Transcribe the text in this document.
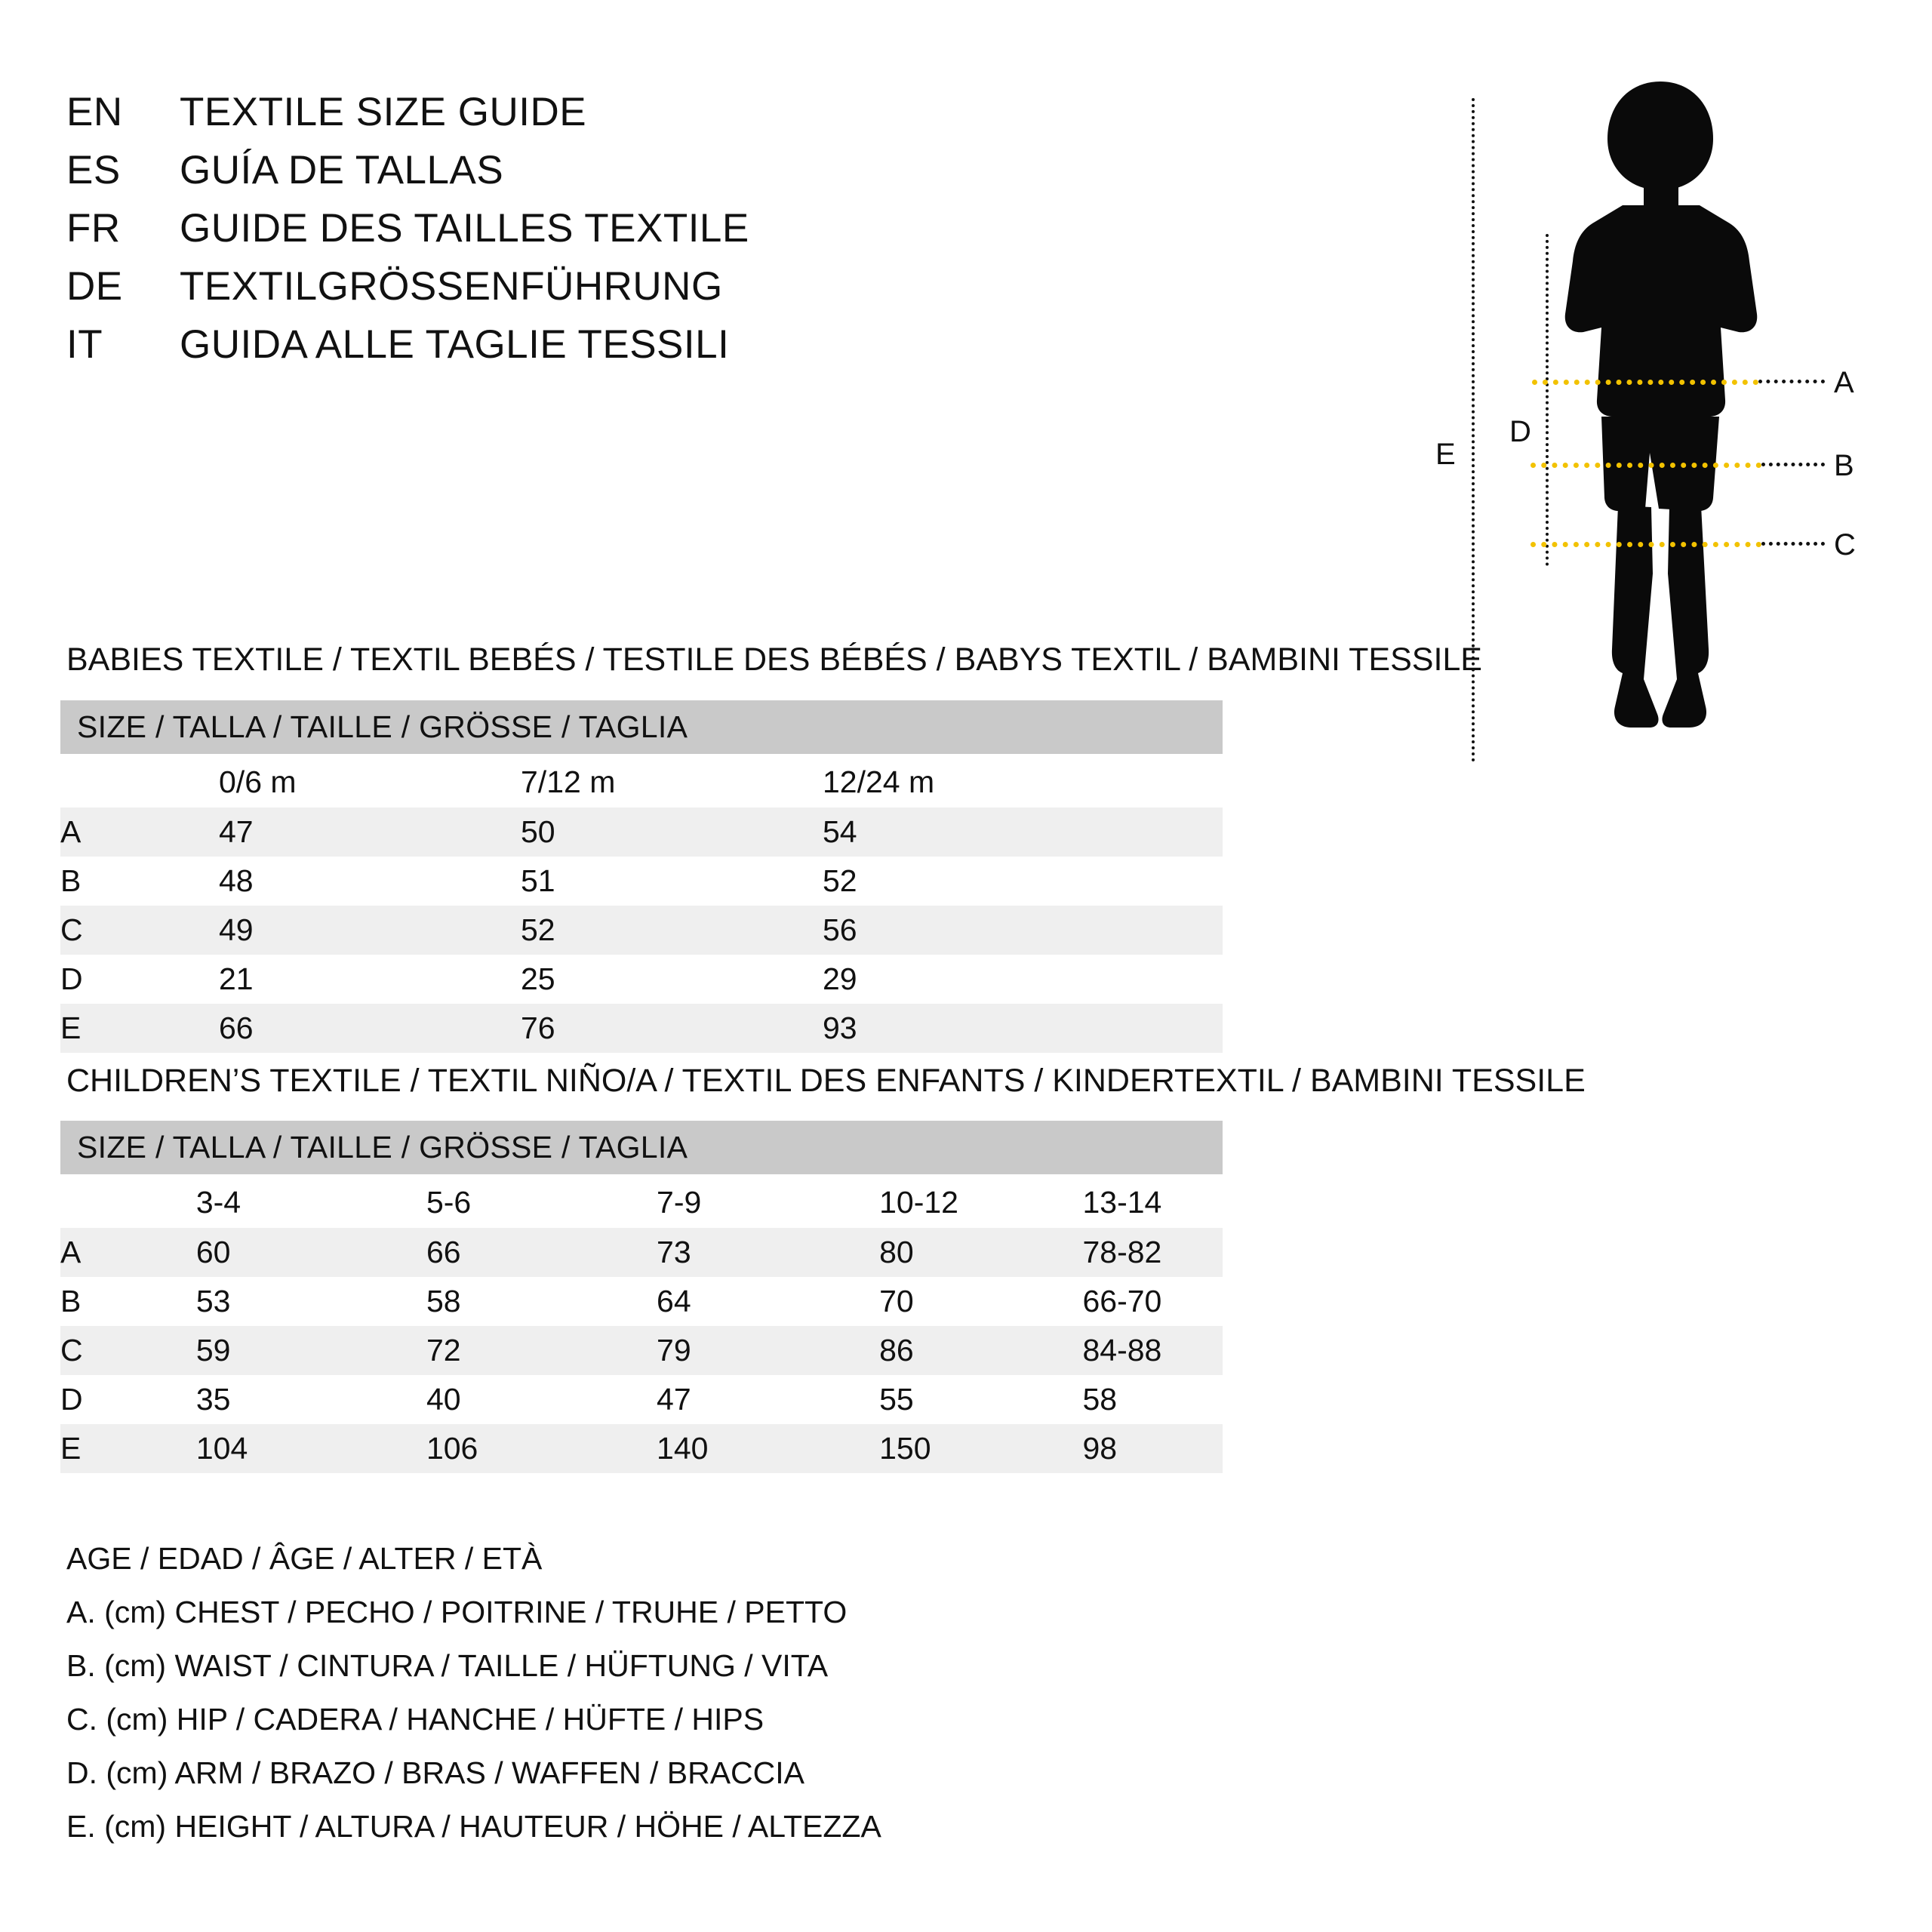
EN	TEXTILE SIZE GUIDE
ES	GUÍA DE TALLAS
FR	GUIDE DES TAILLES TEXTILE
DE	TEXTILGRÖSSENFÜHRUNG
IT	GUIDA ALLE TAGLIE TESSILI
E
D
A
B
C
BABIES TEXTILE / TEXTIL BEBÉS / TESTILE DES BÉBÉS / BABYS TEXTIL / BAMBINI TESSILE
SIZE / TALLA / TAILLE / GRÖSSE / TAGLIA				
	0/6 m	7/12 m	12/24 m	
A	47	50	54	
B	48	51	52	
C	49	52	56	
D	21	25	29	
E	66	76	93	
CHILDREN’S TEXTILE / TEXTIL NIÑO/A / TEXTIL DES ENFANTS / KINDERTEXTIL / BAMBINI TESSILE
SIZE / TALLA / TAILLE / GRÖSSE / TAGLIA					
	3-4	5-6	7-9	10-12	13-14
A	60	66	73	80	78-82
B	53	58	64	70	66-70
C	59	72	79	86	84-88
D	35	40	47	55	58
E	104	106	140	150	98
AGE / EDAD / ÂGE / ALTER / ETÀ
A. (cm) CHEST / PECHO / POITRINE / TRUHE / PETTO
B. (cm) WAIST / CINTURA / TAILLE / HÜFTUNG / VITA
C. (cm) HIP / CADERA / HANCHE / HÜFTE / HIPS
D. (cm) ARM / BRAZO / BRAS / WAFFEN / BRACCIA
E. (cm) HEIGHT / ALTURA / HAUTEUR / HÖHE / ALTEZZA
